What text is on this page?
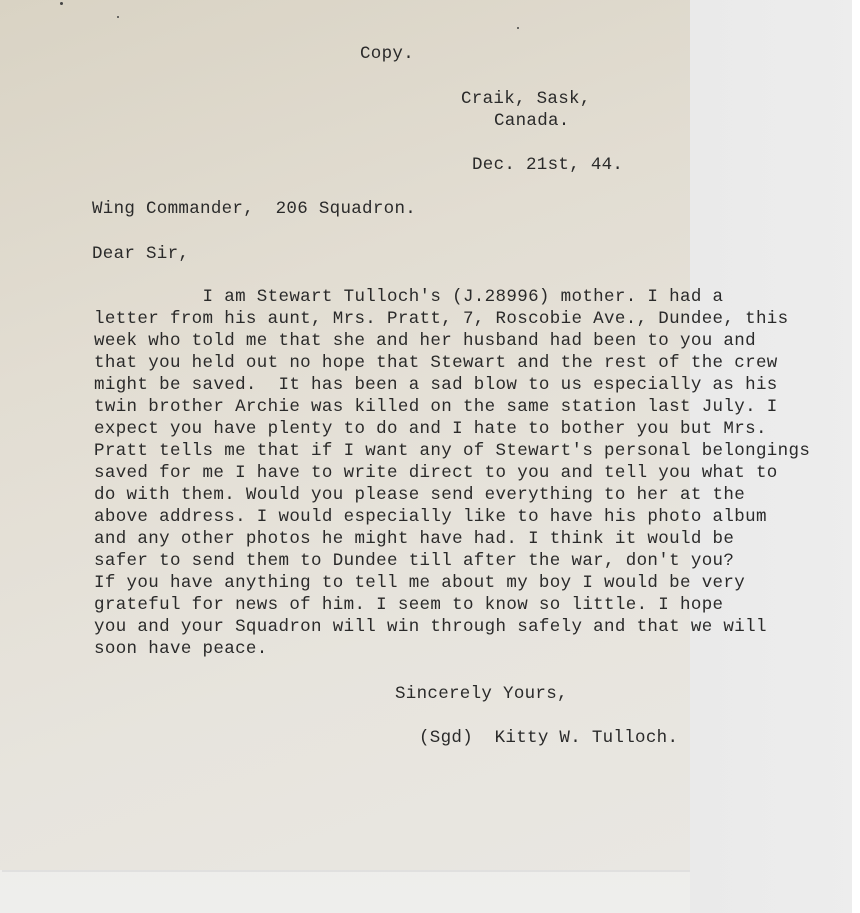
Copy.
Craik, Sask,
Canada.
Dec. 21st, 44.
Wing Commander,  206 Squadron.
Dear Sir,
I am Stewart Tulloch's (J.28996) mother. I had a
letter from his aunt, Mrs. Pratt, 7, Roscobie Ave., Dundee, this
week who told me that she and her husband had been to you and
that you held out no hope that Stewart and the rest of the crew
might be saved.  It has been a sad blow to us especially as his
twin brother Archie was killed on the same station last July. I
expect you have plenty to do and I hate to bother you but Mrs.
Pratt tells me that if I want any of Stewart's personal belongings
saved for me I have to write direct to you and tell you what to
do with them. Would you please send everything to her at the
above address. I would especially like to have his photo album
and any other photos he might have had. I think it would be
safer to send them to Dundee till after the war, don't you?
If you have anything to tell me about my boy I would be very
grateful for news of him. I seem to know so little. I hope
you and your Squadron will win through safely and that we will
soon have peace.
Sincerely Yours,
(Sgd)  Kitty W. Tulloch.
